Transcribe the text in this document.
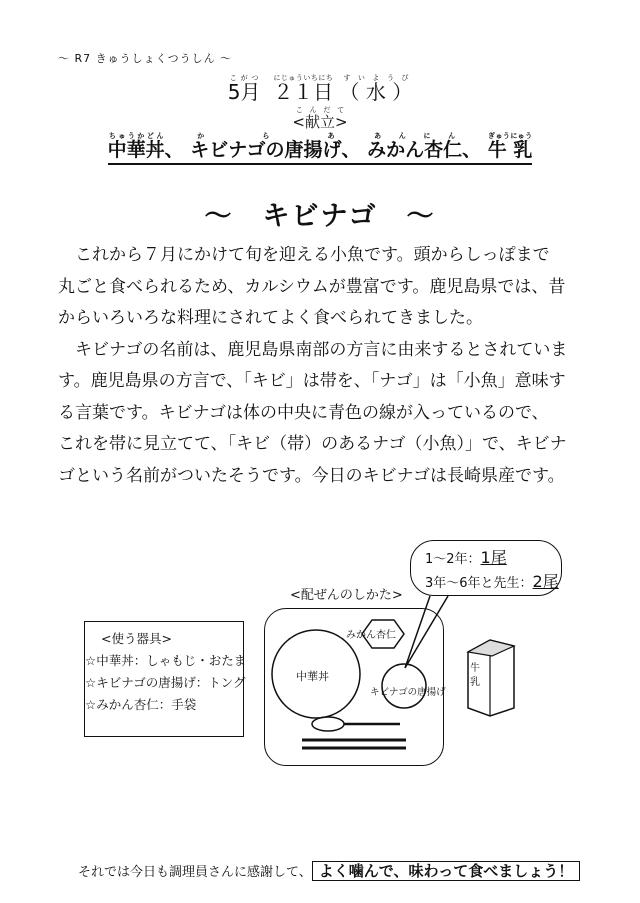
～ R7 きゅうしょくつうしん ～
5月こがつ  ２１日にじゅういちにち （ 水 ）すいようび
<献立>こんだて
中華丼ちゅうかどん、 キビナゴの唐揚げからあ、 みかん杏仁あんにん、 牛 乳ぎゅうにゅう
～　キビナゴ　～

これから７月にかけて旬を迎える小魚です。頭からしっぽまで

丸ごと食べられるため、カルシウムが豊富です。鹿児島県では、昔

からいろいろな料理にされてよく食べられてきました。

キビナゴの名前は、鹿児島県南部の方言に由来するとされていま

す。鹿児島県の方言で、「キビ」は帯を、「ナゴ」は「小魚」意味す

る言葉です。キビナゴは体の中央に青色の線が入っているので、

これを帯に見立てて、「キビ（帯）のあるナゴ（小魚）」で、キビナ

ゴという名前がついたそうです。今日のキビナゴは長崎県産です。

1～2年：1尾
3年～6年と先生：2尾
<配ぜんのしかた>
中華丼
みかん杏仁
キビナゴの唐揚げ
牛 乳
<使う器具>
☆中華丼：しゃもじ・おたま
☆キビナゴの唐揚げ：トング
☆みかん杏仁：手袋
それでは今日も調理員さんに感謝して、 よく噛んで、味わって食べましょう！
